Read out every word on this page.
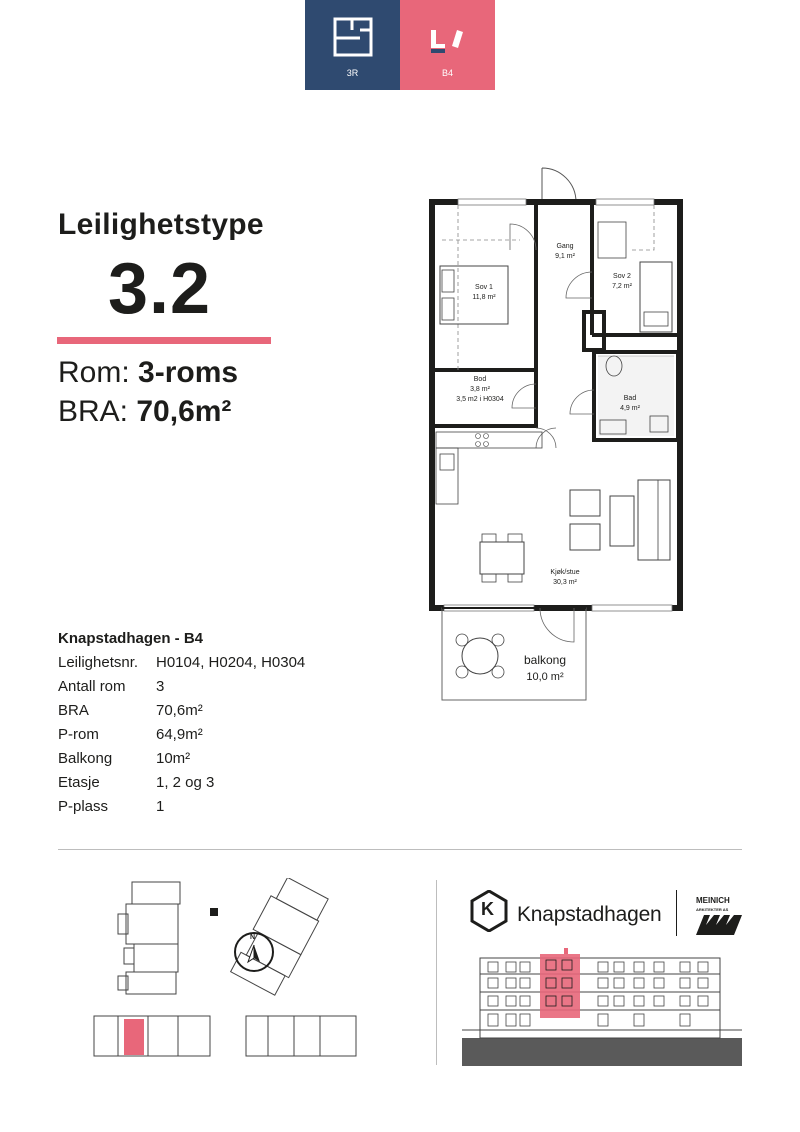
3R	B4
Leilighetstype
3.2
Rom: 3-roms
BRA: 70,6m²
Gang
9,1 m²
Sov 1
11,8 m²
Sov 2
7,2 m²
Bod
3,8 m²
3,5 m2 i H0304	Bad
4,9 m²
Kjøk/stue
30,3 m²
balkong
10,0 m²
Knapstadhagen - B4
Leilighetsnr.	H0104, H0204, H0304
Antall rom	3
BRA	70,6m²
P-rom	64,9m²
Balkong	10m²
Etasje	1, 2 og 3
P-plass	1
N
K Knapstadhagen
MEINICH
ARKITEKTER AS
